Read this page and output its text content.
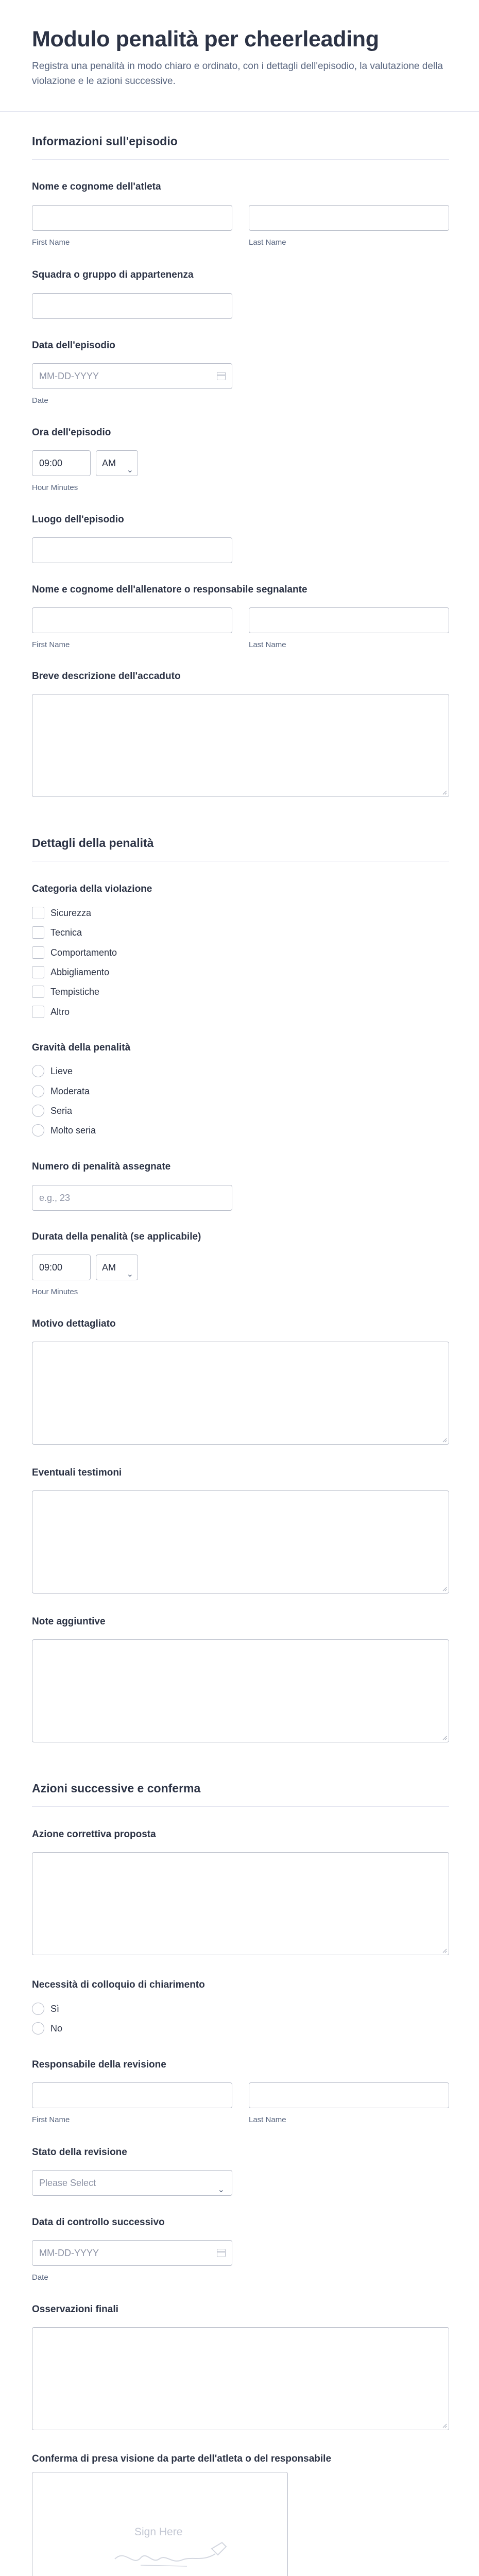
Modulo penalità per cheerleading

Registra una penalità in modo chiaro e ordinato, con i dettagli dell'episodio, la valutazione della violazione e le azioni successive.

Informazioni sull'episodio
Nome e cognome dell'atleta
First Name	Last Name
Squadra o gruppo di appartenenza
Data dell'episodio
MM-DD-YYYY
Date
Ora dell'episodio
09:00	AM
⌄
Hour Minutes
Luogo dell'episodio
Nome e cognome dell'allenatore o responsabile segnalante
First Name	Last Name
Breve descrizione dell'accaduto
Dettagli della penalità
Categoria della violazione
Sicurezza
Tecnica
Comportamento
Abbigliamento
Tempistiche
Altro
Gravità della penalità
Lieve
Moderata
Seria
Molto seria
Numero di penalità assegnate
e.g., 23
Durata della penalità (se applicabile)
09:00	AM
⌄
Hour Minutes
Motivo dettagliato
Eventuali testimoni
Note aggiuntive
Azioni successive e conferma
Azione correttiva proposta
Necessità di colloquio di chiarimento
Sì
No
Responsabile della revisione
First Name	Last Name
Stato della revisione
Please Select
⌄
Data di controllo successivo
MM-DD-YYYY
Date
Osservazioni finali
Conferma di presa visione da parte dell'atleta o del responsabile
Sign Here
